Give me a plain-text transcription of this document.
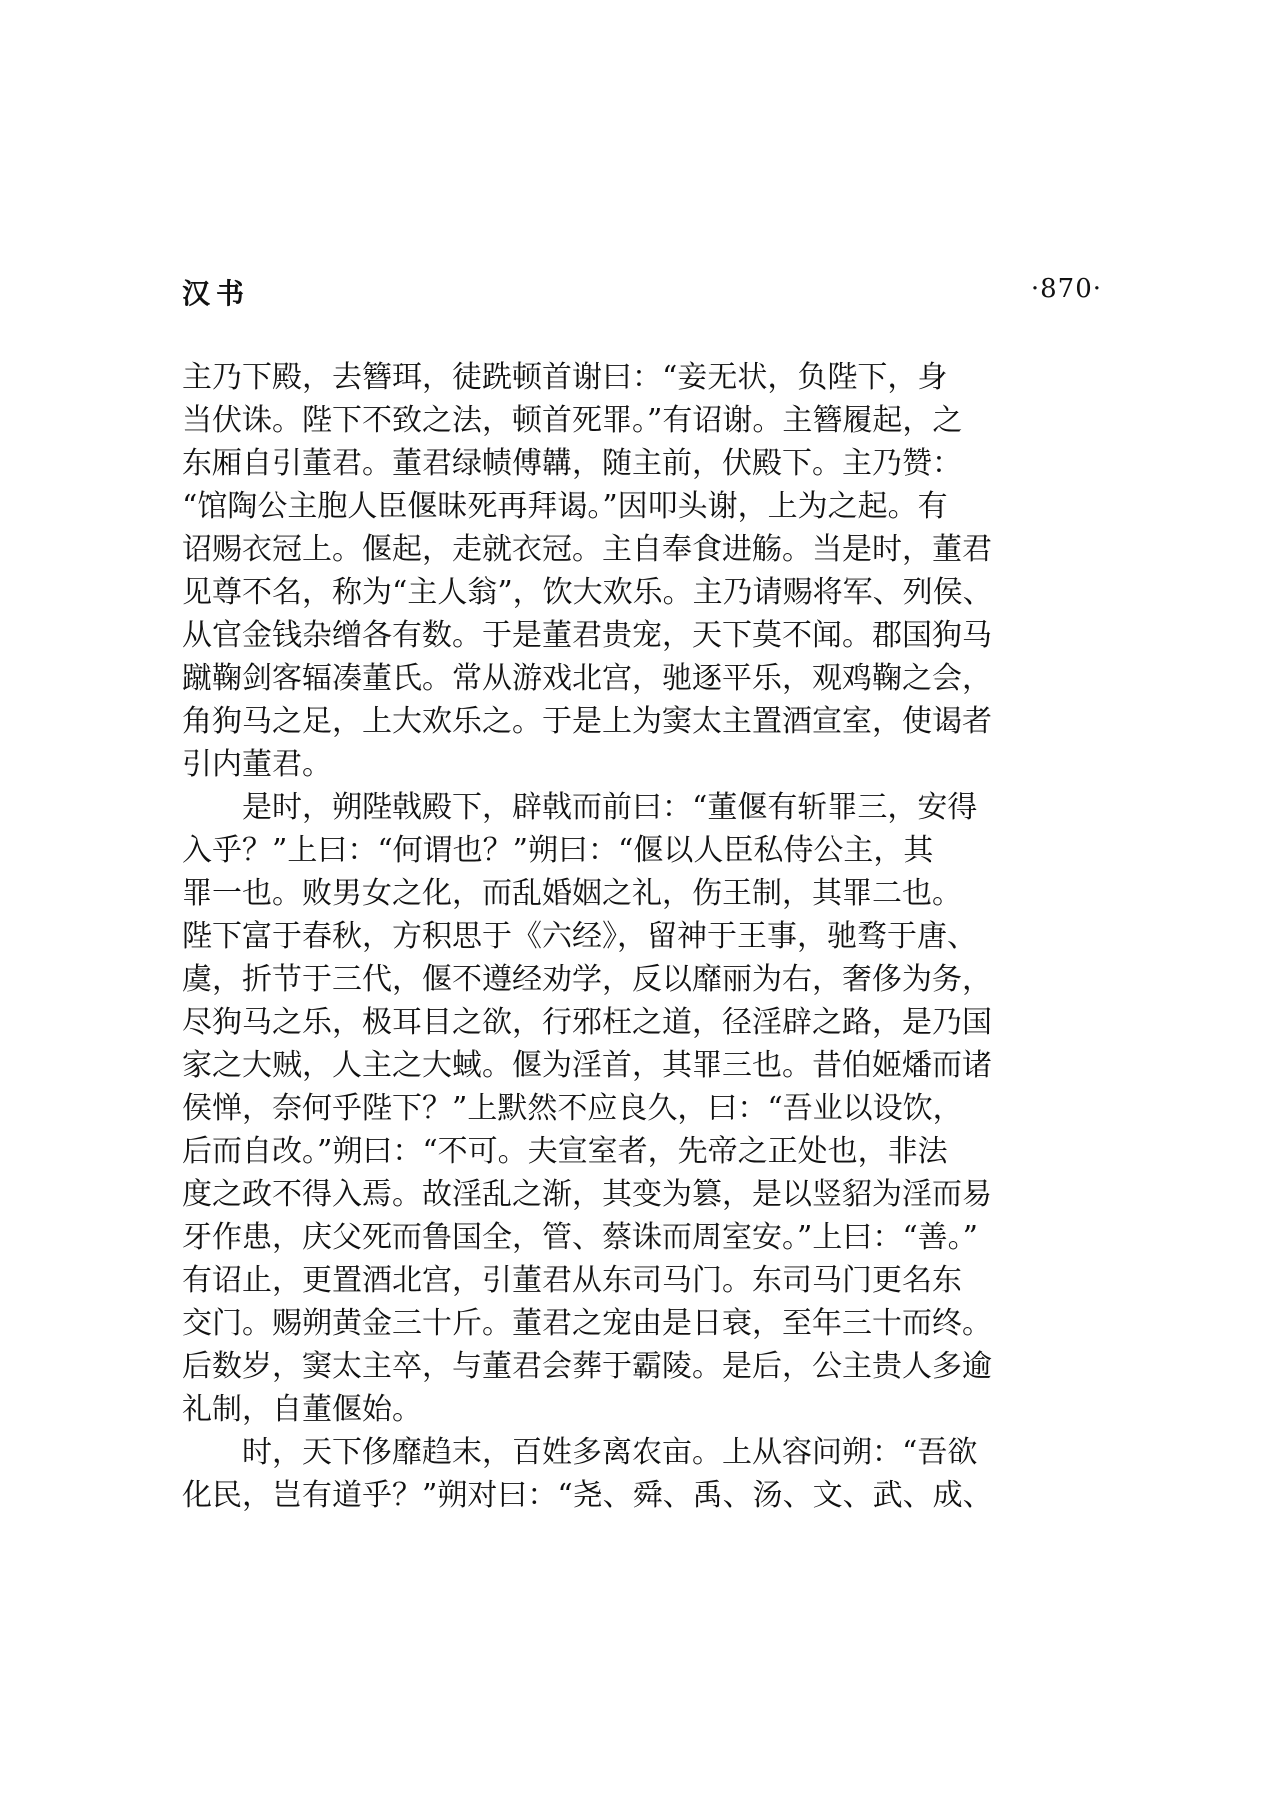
汉书	·870·
主乃下殿，去簪珥，徒跣顿首谢曰：“妾无状，负陛下，身
当伏诛。陛下不致之法，顿首死罪。”有诏谢。主簪履起，之
东厢自引董君。董君绿帻傅韝，随主前，伏殿下。主乃赞：
“馆陶公主胞人臣偃昧死再拜谒。”因叩头谢，上为之起。有
诏赐衣冠上。偃起，走就衣冠。主自奉食进觞。当是时，董君
见尊不名，称为“主人翁”，饮大欢乐。主乃请赐将军、列侯、
从官金钱杂缯各有数。于是董君贵宠，天下莫不闻。郡国狗马
蹴鞠剑客辐凑董氏。常从游戏北宫，驰逐平乐，观鸡鞠之会，
角狗马之足，上大欢乐之。于是上为窦太主置酒宣室，使谒者
引内董君。
　　是时，朔陛戟殿下，辟戟而前曰：“董偃有斩罪三，安得
入乎？”上曰：“何谓也？”朔曰：“偃以人臣私侍公主，其
罪一也。败男女之化，而乱婚姻之礼，伤王制，其罪二也。
陛下富于春秋，方积思于《六经》，留神于王事，驰骛于唐、
虞，折节于三代，偃不遵经劝学，反以靡丽为右，奢侈为务，
尽狗马之乐，极耳目之欲，行邪枉之道，径淫辟之路，是乃国
家之大贼，人主之大蜮。偃为淫首，其罪三也。昔伯姬燔而诸
侯惮，奈何乎陛下？”上默然不应良久，曰：“吾业以设饮，
后而自改。”朔曰：“不可。夫宣室者，先帝之正处也，非法
度之政不得入焉。故淫乱之渐，其变为篡，是以竖貂为淫而易
牙作患，庆父死而鲁国全，管、蔡诛而周室安。”上曰：“善。”
有诏止，更置酒北宫，引董君从东司马门。东司马门更名东
交门。赐朔黄金三十斤。董君之宠由是日衰，至年三十而终。
后数岁，窦太主卒，与董君会葬于霸陵。是后，公主贵人多逾
礼制，自董偃始。
　　时，天下侈靡趋末，百姓多离农亩。上从容问朔：“吾欲
化民，岂有道乎？”朔对曰：“尧、舜、禹、汤、文、武、成、
